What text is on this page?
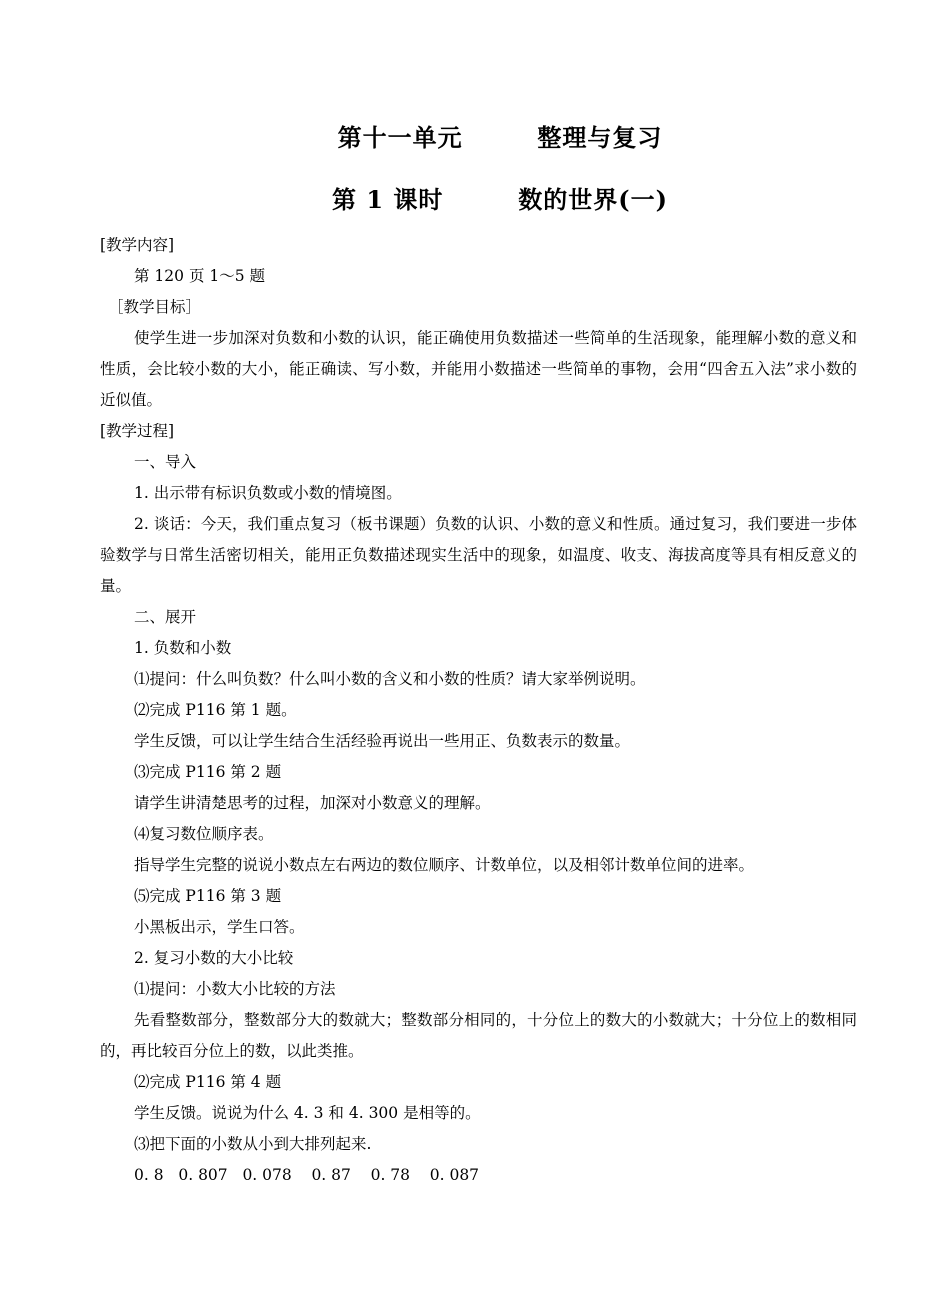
第十一单元        整理与复习
第 1 课时        数的世界(一)

[教学内容]

第 120 页 1～5 题

［教学目标］

使学生进一步加深对负数和小数的认识，能正确使用负数描述一些简单的生活现象，能理解小数的意义和性质，会比较小数的大小，能正确读、写小数，并能用小数描述一些简单的事物，会用“四舍五入法”求小数的近似值。

[教学过程]

一、导入

1. 出示带有标识负数或小数的情境图。

2. 谈话：今天，我们重点复习（板书课题）负数的认识、小数的意义和性质。通过复习，我们要进一步体验数学与日常生活密切相关，能用正负数描述现实生活中的现象，如温度、收支、海拔高度等具有相反意义的量。

二、展开

1. 负数和小数

⑴提问：什么叫负数？什么叫小数的含义和小数的性质？请大家举例说明。

⑵完成 P116 第 1 题。

学生反馈，可以让学生结合生活经验再说出一些用正、负数表示的数量。

⑶完成 P116 第 2 题

请学生讲清楚思考的过程，加深对小数意义的理解。

⑷复习数位顺序表。

指导学生完整的说说小数点左右两边的数位顺序、计数单位，以及相邻计数单位间的进率。

⑸完成 P116 第 3 题

小黑板出示，学生口答。

2. 复习小数的大小比较

⑴提问：小数大小比较的方法

先看整数部分，整数部分大的数就大；整数部分相同的，十分位上的数大的小数就大；十分位上的数相同的，再比较百分位上的数，以此类推。

⑵完成 P116 第 4 题

学生反馈。说说为什么 4. 3 和 4. 300 是相等的。

⑶把下面的小数从小到大排列起来.

0. 8   0. 807   0. 078    0. 87    0. 78    0. 087
